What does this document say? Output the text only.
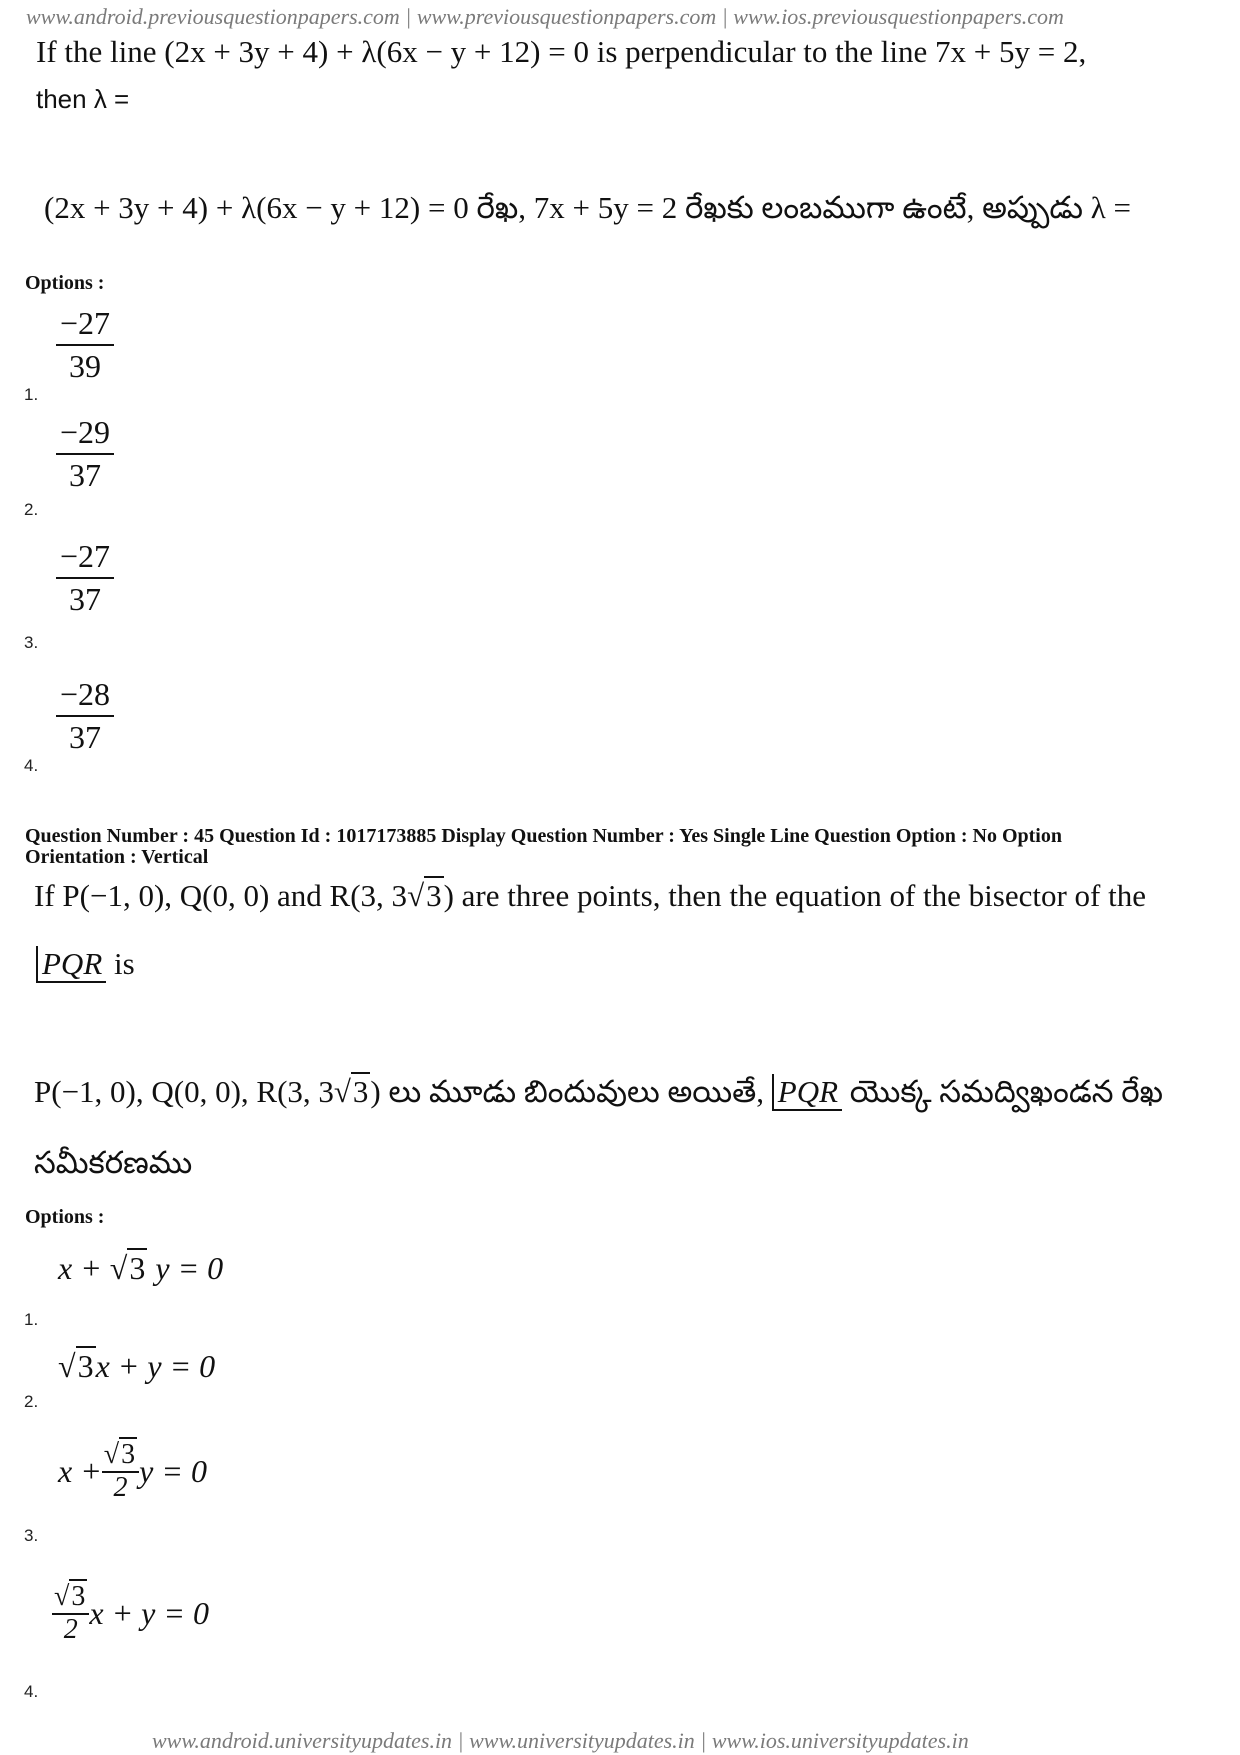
www.android.previousquestionpapers.com | www.previousquestionpapers.com | www.ios.previousquestionpapers.com
If the line (2x + 3y + 4) + λ(6x − y + 12) = 0 is perpendicular to the line 7x + 5y = 2,
then λ =
(2x + 3y + 4) + λ(6x − y + 12) = 0 రేఖ, 7x + 5y = 2 రేఖకు లంబముగా ఉంటే, అప్పుడు λ =
Options :
$\frac{-27}{39}$
1.
$\frac{-29}{37}$
2.
$\frac{-27}{37}$
3.
$\frac{-28}{37}$
4.
Question Number : 45 Question Id : 1017173885 Display Question Number : Yes Single Line Question Option : No Option
Orientation : Vertical
If P(−1, 0), Q(0, 0) and R(3, 3√3) are three points, then the equation of the bisector of the
PQR is
P(−1, 0), Q(0, 0), R(3, 3√3) లు మూడు బిందువులు అయితే, PQR యొక్క సమద్విఖండన రేఖ
సమీకరణము
Options :
x + √3 y = 0
1.
√3x + y = 0
2.
$x + \frac{√3}{2}$ y = 0
3.
$\frac{√3}{2}$ x + y = 0
4.
www.android.universityupdates.in | www.universityupdates.in | www.ios.universityupdates.in
